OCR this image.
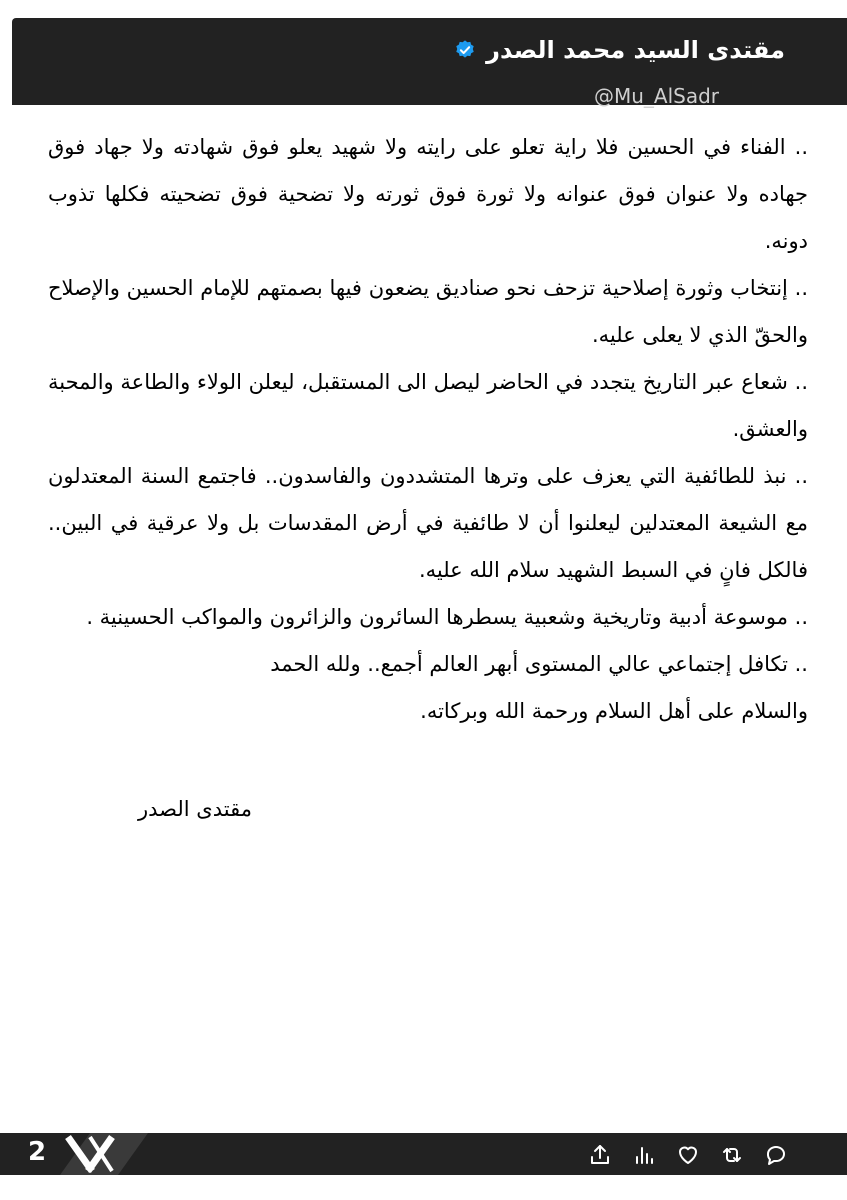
مقتدى السيد محمد الصدر
@Mu_AlSadr

.. الفناء في الحسين فلا راية تعلو على رايته ولا شهيد يعلو فوق شهادته ولا جهاد فوق جهاده ولا عنوان فوق عنوانه ولا ثورة فوق ثورته ولا تضحية فوق تضحيته فكلها تذوب دونه.

.. إنتخاب وثورة إصلاحية تزحف نحو صناديق يضعون فيها بصمتهم للإمام الحسين والإصلاح والحقّ الذي لا يعلى عليه.

.. شعاع عبر التاريخ يتجدد في الحاضر ليصل الى المستقبل، ليعلن الولاء والطاعة والمحبة والعشق.

.. نبذ للطائفية التي يعزف على وترها المتشددون والفاسدون.. فاجتمع السنة المعتدلون مع الشيعة المعتدلين ليعلنوا أن لا طائفية في أرض المقدسات بل ولا عرقية في البين.. فالكل فانٍ في السبط الشهيد سلام الله عليه.

.. موسوعة أدبية وتاريخية وشعبية يسطرها السائرون والزائرون والمواكب الحسينية .

.. تكافل إجتماعي عالي المستوى أبهر العالم أجمع.. ولله الحمد

والسلام على أهل السلام ورحمة الله وبركاته.

مقتدى الصدر
2
